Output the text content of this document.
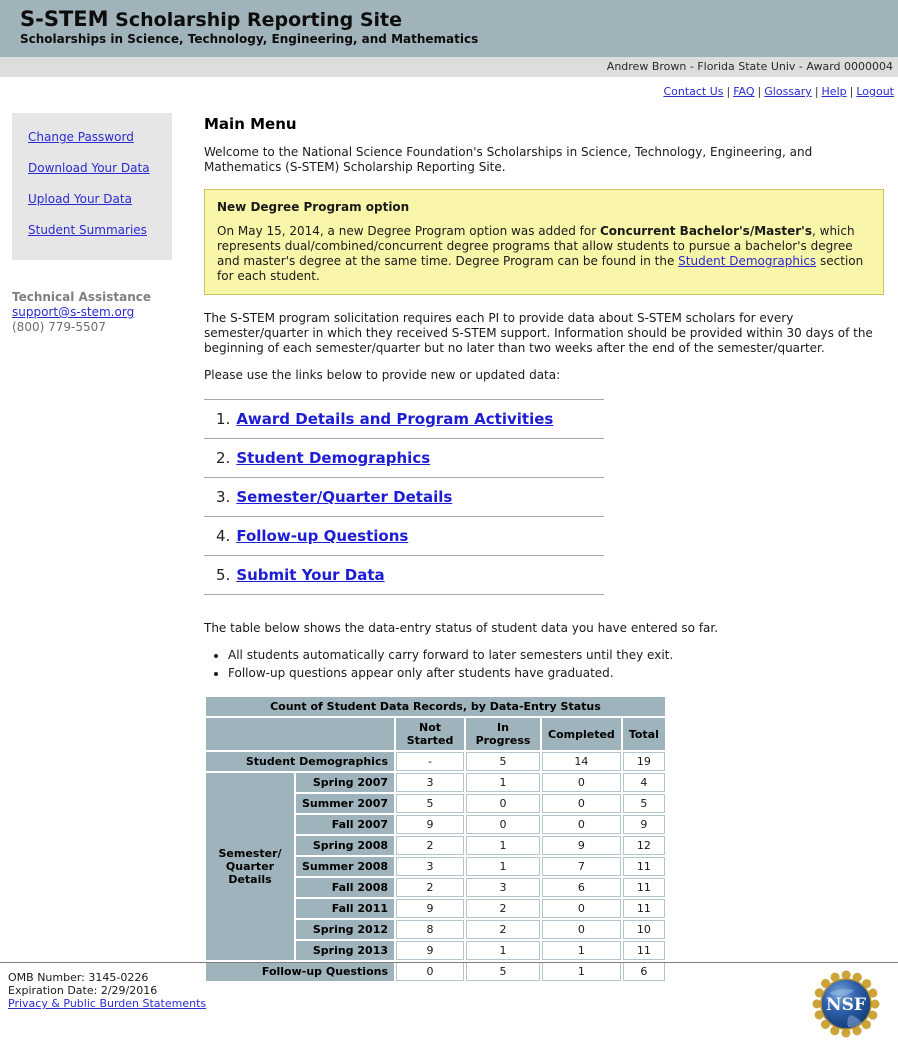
S-STEM Scholarship Reporting Site
Scholarships in Science, Technology, Engineering, and Mathematics
Andrew Brown - Florida State Univ - Award 0000004
Contact Us | FAQ | Glossary | Help | Logout
Change Password
Download Your Data
Upload Your Data
Student Summaries
Technical Assistance
support@s-stem.org
(800) 779-5507
Main Menu

Welcome to the National Science Foundation's Scholarships in Science, Technology, Engineering, and Mathematics (S-STEM) Scholarship Reporting Site.

New Degree Program option

On May 15, 2014, a new Degree Program option was added for Concurrent Bachelor's/Master's, which represents dual/combined/concurrent degree programs that allow students to pursue a bachelor's degree and master's degree at the same time. Degree Program can be found in the Student Demographics section for each student.

The S-STEM program solicitation requires each PI to provide data about S-STEM scholars for every semester/quarter in which they received S-STEM support. Information should be provided within 30 days of the beginning of each semester/quarter but no later than two weeks after the end of the semester/quarter.

Please use the links below to provide new or updated data:

1. Award Details and Program Activities
2. Student Demographics
3. Semester/Quarter Details
4. Follow-up Questions
5. Submit Your Data

The table below shows the data-entry status of student data you have entered so far.

• All students automatically carry forward to later semesters until they exit.
• Follow-up questions appear only after students have graduated.
Count of Student Data Records, by Data-Entry Status					
		Not Started	In Progress	Completed	Total
Student Demographics		-	5	14	19
Semester/ Quarter Details	Spring 2007	3	1	0	4
	Summer 2007	5	0	0	5
	Fall 2007	9	0	0	9
	Spring 2008	2	1	9	12
	Summer 2008	3	1	7	11
	Fall 2008	2	3	6	11
	Fall 2011	9	2	0	11
	Spring 2012	8	2	0	10
	Spring 2013	9	1	1	11
Follow-up Questions		0	5	1	6
OMB Number: 3145-0226
Expiration Date: 2/29/2016
Privacy & Public Burden Statements	NSF
